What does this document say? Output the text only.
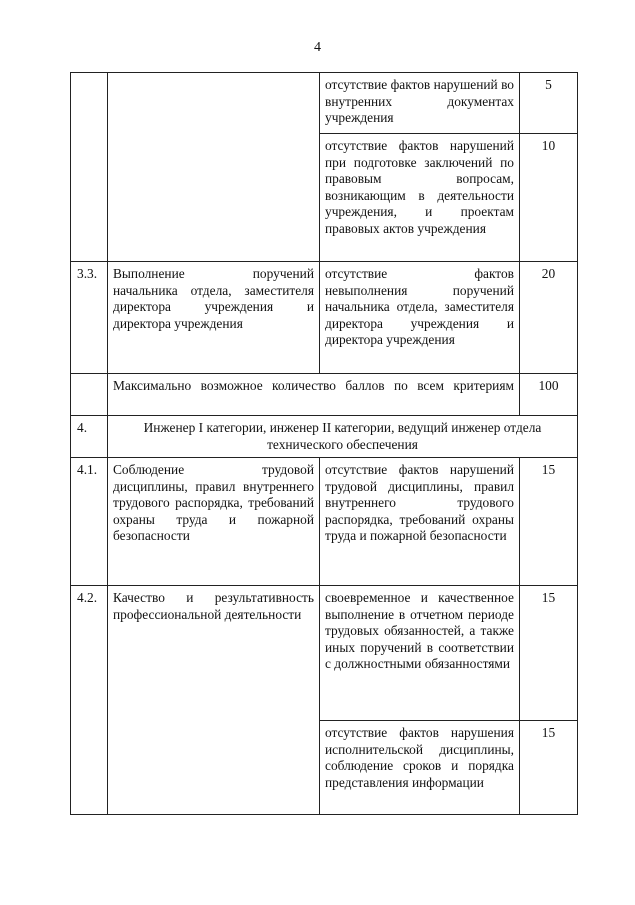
4
		отсутствие фактов нарушений во внутренних документах учреждения	5
		отсутствие фактов нарушений при подготовке заключений по правовым вопросам, возникающим в деятельности учреждения, и проектам правовых актов учреждения	10
3.3.	Выполнение поручений начальника отдела, заместителя директора учреждения и директора учреждения	отсутствие фактов невыполнения поручений начальника отдела, заместителя директора учреждения и директора учреждения	20
	Максимально возможное количество баллов по всем критериям		100
4.	Инженер I категории, инженер II категории, ведущий инженер отдела технического обеспечения		
4.1.	Соблюдение трудовой дисциплины, правил внутреннего трудового распорядка, требований охраны труда и пожарной безопасности	отсутствие фактов нарушений трудовой дисциплины, правил внутреннего трудового распорядка, требований охраны труда и пожарной безопасности	15
4.2.	Качество и результативность профессиональной деятельности	своевременное и качественное выполнение в отчетном периоде трудовых обязанностей, а также иных поручений в соответствии с должностными обязанностями	15
		отсутствие фактов нарушения исполнительской дисциплины, соблюдение сроков и порядка представления информации	15
